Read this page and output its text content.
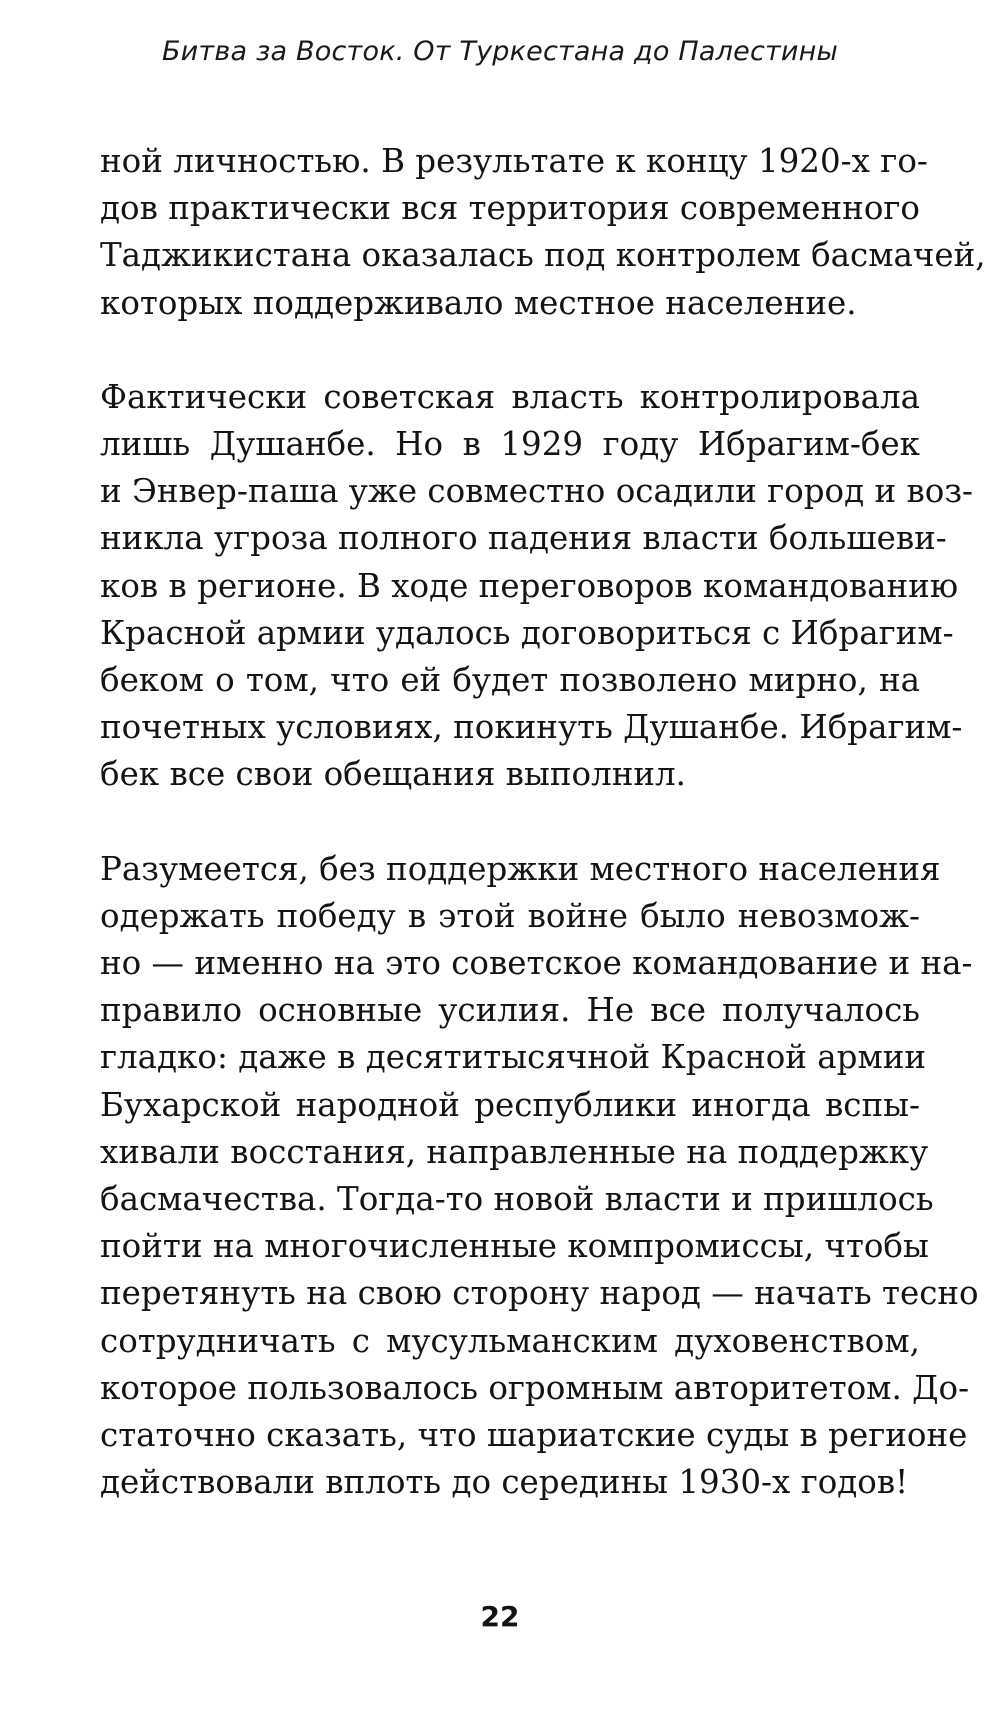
Битва за Восток. От Туркестана до Палестины

ной личностью. В результате к концу 1920-х го-
дов практически вся территория современного
Таджикистана оказалась под контролем басмачей,
которых поддерживало местное население.

Фактически советская власть контролировала
лишь Душанбе. Но в 1929 году Ибрагим-бек
и Энвер-паша уже совместно осадили город и воз-
никла угроза полного падения власти большеви-
ков в регионе. В ходе переговоров командованию
Красной армии удалось договориться с Ибрагим-
беком о том, что ей будет позволено мирно, на
почетных условиях, покинуть Душанбе. Ибрагим-
бек все свои обещания выполнил.

Разумеется, без поддержки местного населения
одержать победу в этой войне было невозмож-
но — именно на это советское командование и на-
правило основные усилия. Не все получалось
гладко: даже в десятитысячной Красной армии
Бухарской народной республики иногда вспы-
хивали восстания, направленные на поддержку
басмачества. Тогда-то новой власти и пришлось
пойти на многочисленные компромиссы, чтобы
перетянуть на свою сторону народ — начать тесно
сотрудничать с мусульманским духовенством,
которое пользовалось огромным авторитетом. До-
статочно сказать, что шариатские суды в регионе
действовали вплоть до середины 1930-х годов!

22
